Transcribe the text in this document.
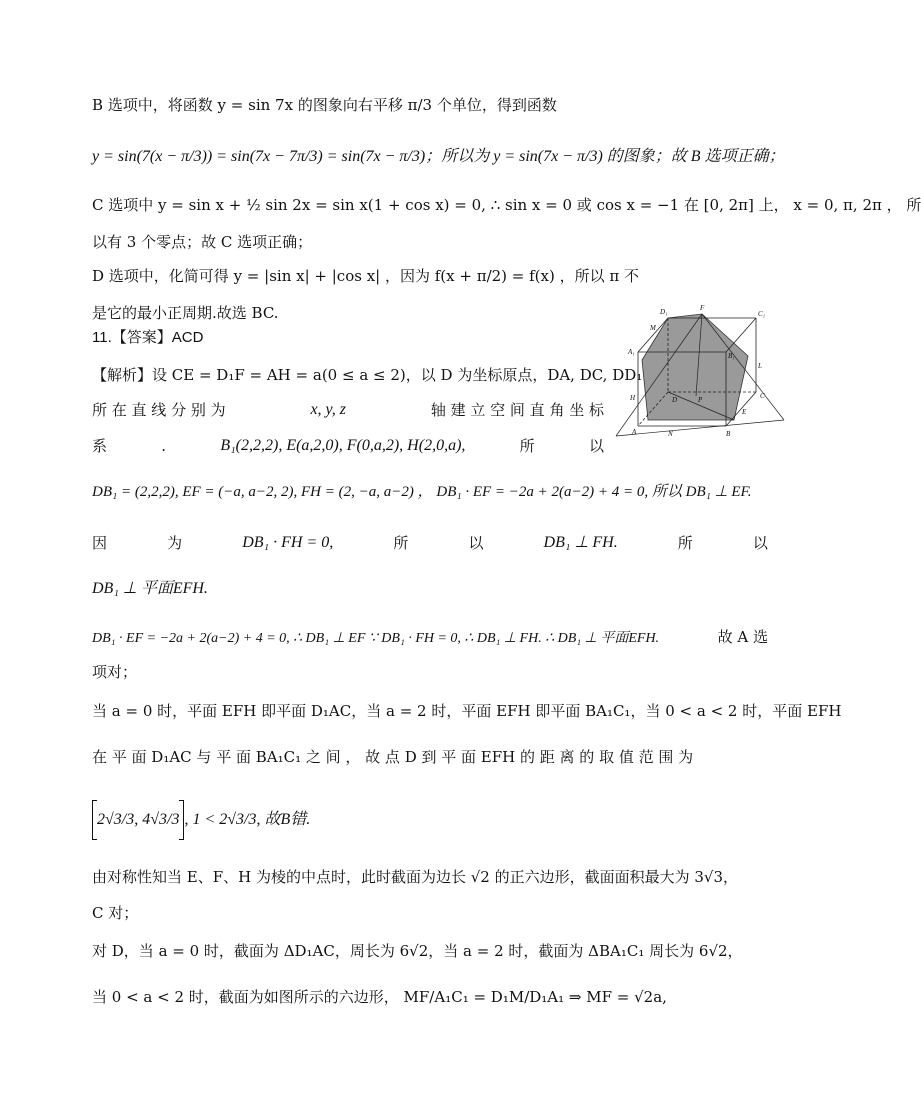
B 选项中，将函数 y = sin 7x 的图象向右平移 π/3 个单位，得到函数
y = sin(7(x − π/3)) = sin(7x − 7π/3) = sin(7x − π/3)；所以为 y = sin(7x − π/3) 的图象；故 B 选项正确；
C 选项中 y = sin x + ½ sin 2x = sin x(1 + cos x) = 0, ∴ sin x = 0 或 cos x = −1 在 [0, 2π] 上， x = 0, π, 2π ， 所
以有 3 个零点；故 C 选项正确；
D 选项中，化简可得 y = |sin x| + |cos x| ，因为 f(x + π/2) = f(x) ，所以 π 不
是它的最小正周期.故选 BC.
11.【答案】ACD
【解析】设 CE = D₁F = AH = a(0 ≤ a ≤ 2)，以 D 为坐标原点，DA, DC, DD₁
所 在 直 线 分 别 为	x, y, z	轴 建 立 空 间 直 角 坐 标
系	.	B₁(2,2,2), E(a,2,0), F(0,a,2), H(2,0,a),	所	以
DB₁ = (2,2,2), EF = (−a, a−2, 2), FH = (2, −a, a−2) ， DB₁ · EF = −2a + 2(a−2) + 4 = 0, 所以 DB₁ ⊥ EF.
因	为	DB₁ · FH = 0,	所	以	DB₁ ⊥ FH.	所	以
DB₁ ⊥ 平面EFH.
DB₁ · EF = −2a + 2(a−2) + 4 = 0, ∴ DB₁ ⊥ EF ∵ DB₁ · FH = 0, ∴ DB₁ ⊥ FH. ∴ DB₁ ⊥ 平面EFH.	故 A 选
项对；
当 a = 0 时，平面 EFH 即平面 D₁AC，当 a = 2 时，平面 EFH 即平面 BA₁C₁，当 0 < a < 2 时，平面 EFH
在 平 面 D₁AC 与 平 面 BA₁C₁ 之 间 ， 故 点 D 到 平 面 EFH 的 距 离 的 取 值 范 围 为
2√3/3, 4√3/3 , 1 < 2√3/3, 故B错.
由对称性知当 E、F、H 为棱的中点时，此时截面为边长 √2 的正六边形，截面面积最大为 3√3，
C 对；
对 D，当 a = 0 时，截面为 ΔD₁AC，周长为 6√2，当 a = 2 时，截面为 ΔBA₁C₁ 周长为 6√2，
当 0 < a < 2 时，截面为如图所示的六边形， MF/A₁C₁ = D₁M/D₁A₁ ⇒ MF = √2a,
D₁	F
C₁
M
A₁	B₁
L
H	D	P	C
E
A	N	B
